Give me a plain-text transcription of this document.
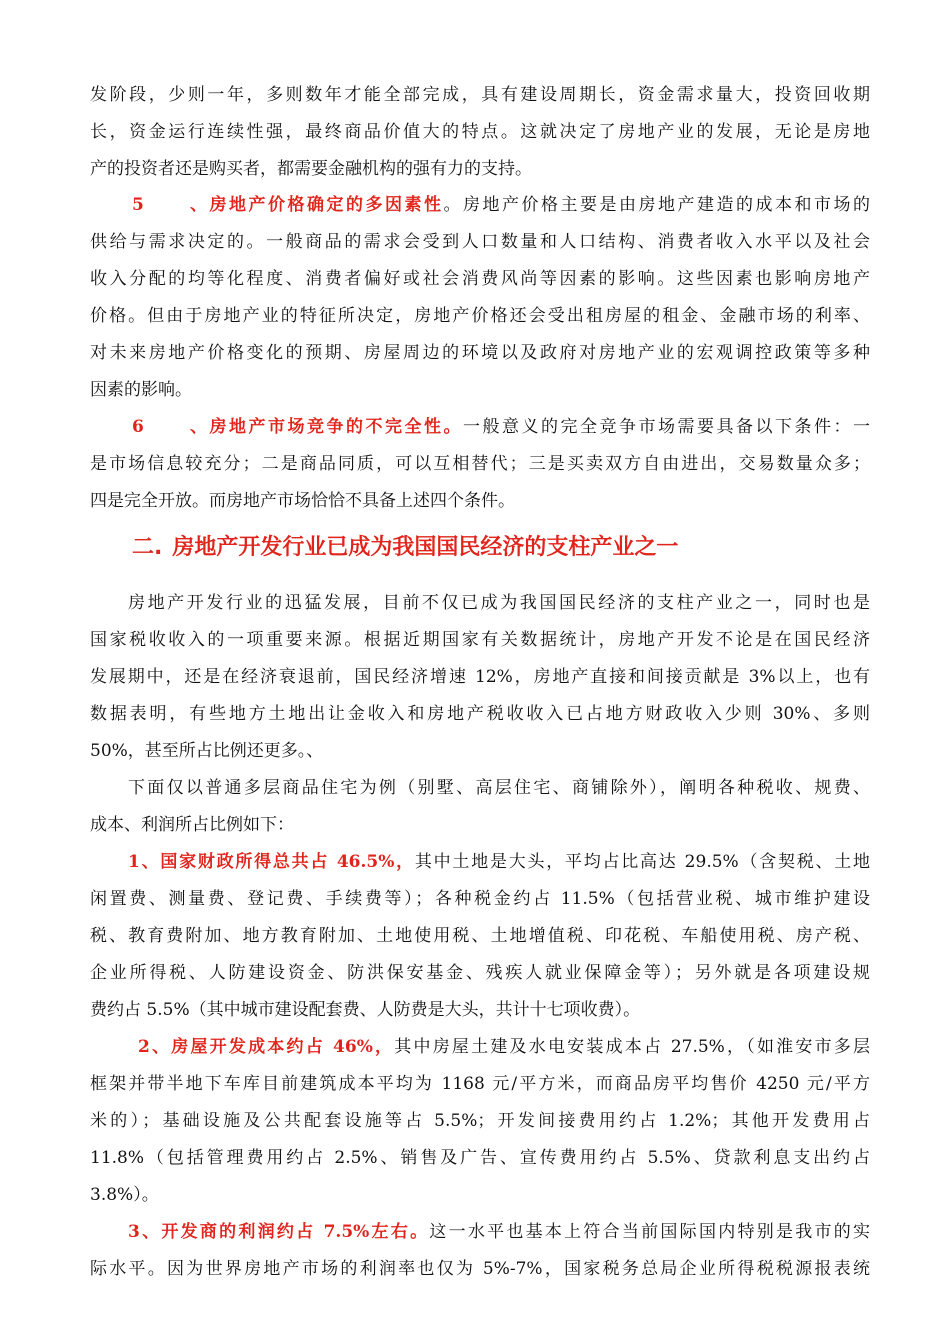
发阶段，少则一年，多则数年才能全部完成，具有建设周期长，资金需求量大，投资回收期
长，资金运行连续性强，最终商品价值大的特点。这就决定了房地产业的发展，无论是房地
产的投资者还是购买者，都需要金融机构的强有力的支持。
5、房地产价格确定的多因素性。房地产价格主要是由房地产建造的成本和市场的
供给与需求决定的。一般商品的需求会受到人口数量和人口结构、消费者收入水平以及社会
收入分配的均等化程度、消费者偏好或社会消费风尚等因素的影响。这些因素也影响房地产
价格。但由于房地产业的特征所决定，房地产价格还会受出租房屋的租金、金融市场的利率、
对未来房地产价格变化的预期、房屋周边的环境以及政府对房地产业的宏观调控政策等多种
因素的影响。
6、房地产市场竞争的不完全性。一般意义的完全竞争市场需要具备以下条件：一
是市场信息较充分；二是商品同质，可以互相替代；三是买卖双方自由进出，交易数量众多；
四是完全开放。而房地产市场恰恰不具备上述四个条件。
二. 房地产开发行业已成为我国国民经济的支柱产业之一
房地产开发行业的迅猛发展，目前不仅已成为我国国民经济的支柱产业之一，同时也是
国家税收收入的一项重要来源。根据近期国家有关数据统计，房地产开发不论是在国民经济
发展期中，还是在经济衰退前，国民经济增速 12%，房地产直接和间接贡献是 3%以上，也有
数据表明，有些地方土地出让金收入和房地产税收收入已占地方财政收入少则 30%、多则
50%，甚至所占比例还更多。、
下面仅以普通多层商品住宅为例（别墅、高层住宅、商铺除外），阐明各种税收、规费、
成本、利润所占比例如下：
1、国家财政所得总共占 46.5%，其中土地是大头，平均占比高达 29.5%（含契税、土地
闲置费、测量费、登记费、手续费等）；各种税金约占 11.5%（包括营业税、城市维护建设
税、教育费附加、地方教育附加、土地使用税、土地增值税、印花税、车船使用税、房产税、
企业所得税、人防建设资金、防洪保安基金、残疾人就业保障金等）；另外就是各项建设规
费约占 5.5%（其中城市建设配套费、人防费是大头，共计十七项收费）。
2、房屋开发成本约占 46%，其中房屋土建及水电安装成本占 27.5%，（如淮安市多层
框架并带半地下车库目前建筑成本平均为 1168 元/平方米，而商品房平均售价 4250 元/平方
米的）；基础设施及公共配套设施等占 5.5%；开发间接费用约占 1.2%；其他开发费用占
11.8%（包括管理费用约占 2.5%、销售及广告、宣传费用约占 5.5%、贷款利息支出约占
3.8%）。
3、开发商的利润约占 7.5%左右。这一水平也基本上符合当前国际国内特别是我市的实
际水平。因为世界房地产市场的利润率也仅为 5%-7%，国家税务总局企业所得税税源报表统
